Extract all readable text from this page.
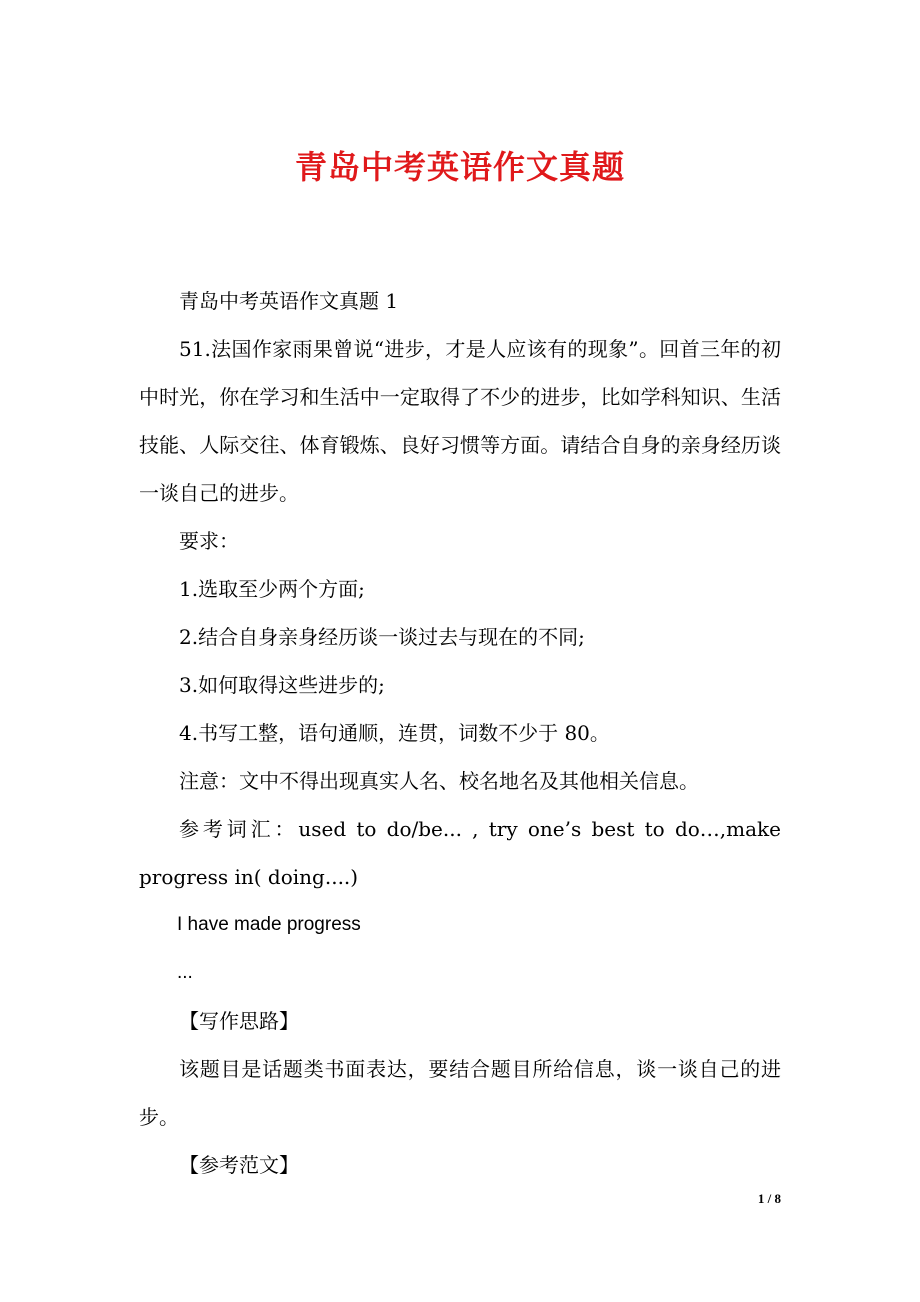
青岛中考英语作文真题

青岛中考英语作文真题 1

51.法国作家雨果曾说“进步，才是人应该有的现象”。回首三年的初中时光，你在学习和生活中一定取得了不少的进步，比如学科知识、生活技能、人际交往、体育锻炼、良好习惯等方面。请结合自身的亲身经历谈一谈自己的进步。

要求：

1.选取至少两个方面;

2.结合自身亲身经历谈一谈过去与现在的不同;

3.如何取得这些进步的;

4.书写工整，语句通顺，连贯，词数不少于 80。

注意：文中不得出现真实人名、校名地名及其他相关信息。

参考词汇：used to do/be... , try one’s best to do…,make progress in( doing....)

I have made progress

...

【写作思路】

该题目是话题类书面表达，要结合题目所给信息，谈一谈自己的进步。

【参考范文】

1 / 8
